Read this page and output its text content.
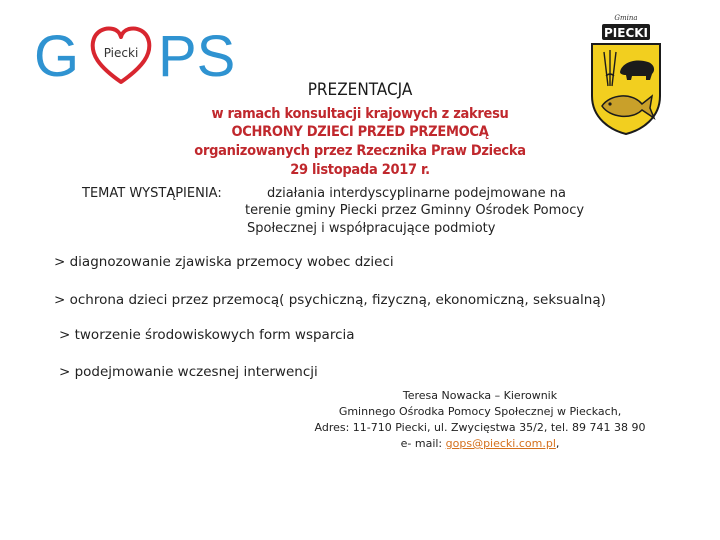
G	Piecki PS
Gmina
PIECKI
PREZENTACJA
w ramach konsultacji krajowych z zakresu
OCHRONY DZIECI PRZED PRZEMOCĄ
organizowanych przez Rzecznika Praw Dziecka
29 listopada 2017 r.
TEMAT WYSTĄPIENIA:	działania interdyscyplinarne podejmowane na
terenie gminy Piecki przez Gminny Ośrodek Pomocy
Społecznej i współpracujące podmioty
> diagnozowanie zjawiska przemocy wobec dzieci
> ochrona dzieci przez przemocą( psychiczną, fizyczną, ekonomiczną, seksualną)
> tworzenie środowiskowych form wsparcia
> podejmowanie wczesnej interwencji
Teresa Nowacka – Kierownik
Gminnego Ośrodka Pomocy Społecznej w Pieckach,
Adres: 11-710 Piecki, ul. Zwycięstwa 35/2, tel. 89 741 38 90
e- mail: gops@piecki.com.pl,
